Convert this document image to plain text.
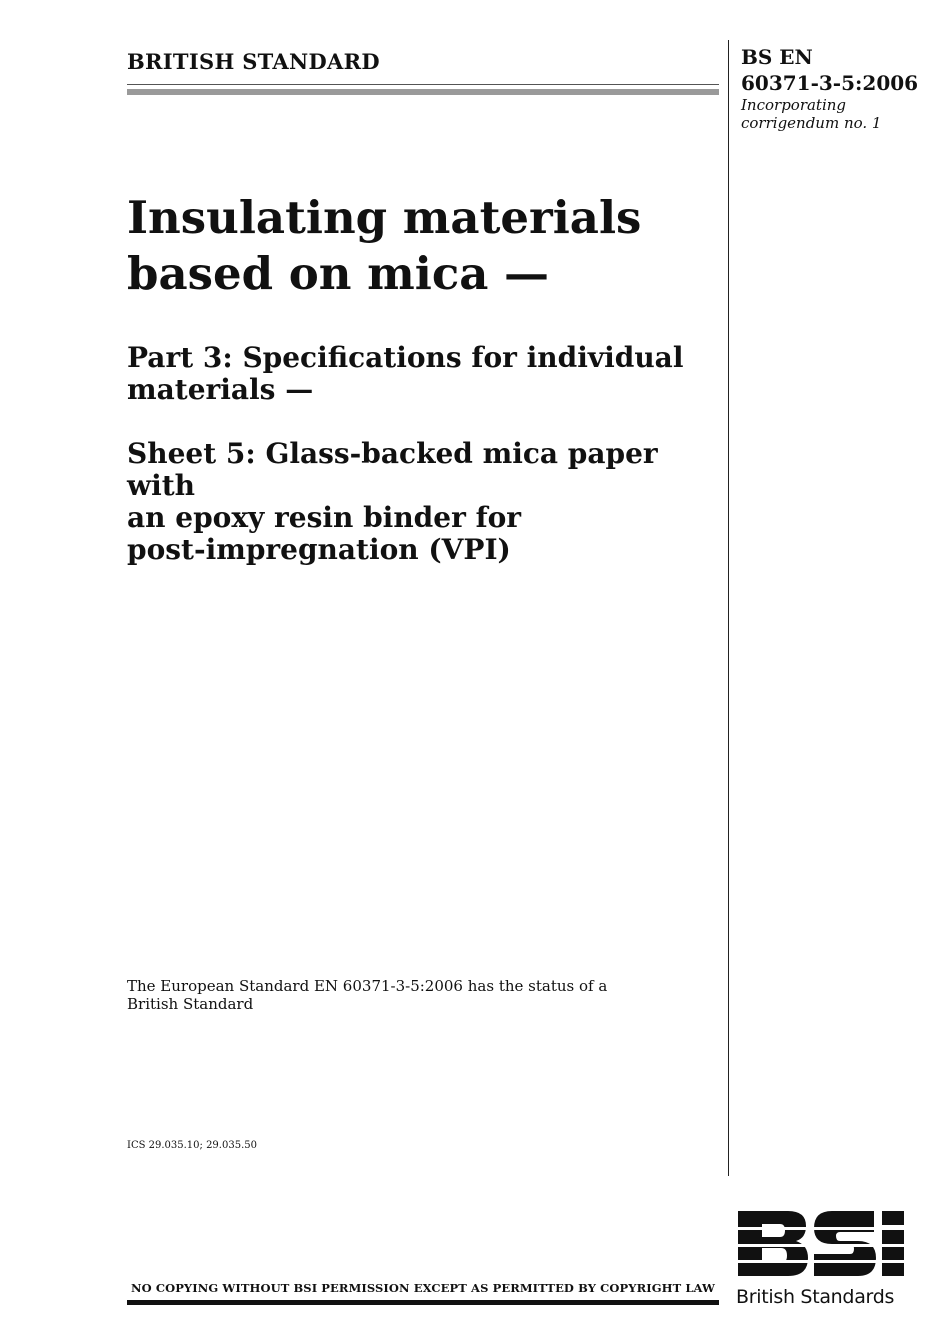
BRITISH STANDARD	BS EN
60371-3-5:2006
Incorporating
corrigendum no. 1
Insulating materials
based on mica —
Part 3: Specifications for individual
materials —
Sheet 5: Glass-backed mica paper with
an epoxy resin binder for
post-impregnation (VPI)
The European Standard EN 60371-3-5:2006 has the status of a
British Standard
ICS 29.035.10; 29.035.50
NO COPYING WITHOUT BSI PERMISSION EXCEPT AS PERMITTED BY COPYRIGHT LAW British Standards
